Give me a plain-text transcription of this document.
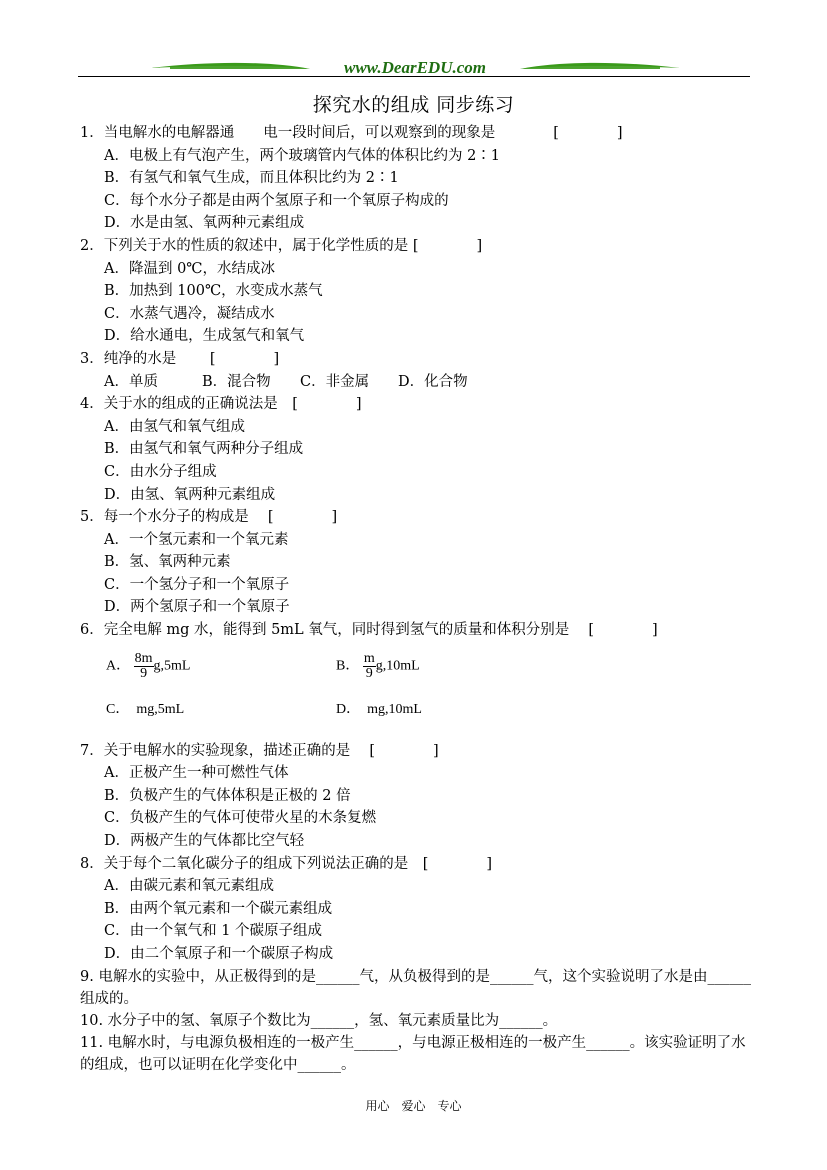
www.DearEDU.com
探究水的组成 同步练习
1．当电解水的电解器通　　电一段时间后，可以观察到的现象是　　　　[　　　　]
A．电极上有气泡产生，两个玻璃管内气体的体积比约为 2∶1
B．有氢气和氧气生成，而且体积比约为 2∶1
C．每个水分子都是由两个氢原子和一个氧原子构成的
D．水是由氢、氧两种元素组成
2．下列关于水的性质的叙述中，属于化学性质的是 [　　　　]
A．降温到 0℃，水结成冰
B．加热到 100℃，水变成水蒸气
C．水蒸气遇冷，凝结成水
D．给水通电，生成氢气和氧气
3．纯净的水是　　 [　　　　]
A．单质	B．混合物 C．非金属 D．化合物
4．关于水的组成的正确说法是　[　　　　]
A．由氢气和氧气组成
B．由氢气和氧气两种分子组成
C．由水分子组成
D．由氢、氧两种元素组成
5．每一个水分子的构成是　 [　　　　]
A．一个氢元素和一个氧元素
B．氢、氧两种元素
C．一个氢分子和一个氧原子
D．两个氢原子和一个氧原子
6．完全电解 mg 水，能得到 5mL 氧气，同时得到氢气的质量和体积分别是　 [　　　　]
A． $\frac{8m}{9} g,5mL$	B． $\frac{m}{9} g,10mL$
C．  mg,5mL	D．  mg,10mL
7．关于电解水的实验现象，描述正确的是　 [　　　　]
A．正极产生一种可燃性气体
B．负极产生的气体体积是正极的 2 倍
C．负极产生的气体可使带火星的木条复燃
D．两极产生的气体都比空气轻
8．关于每个二氧化碳分子的组成下列说法正确的是　[　　　　]
A．由碳元素和氧元素组成
B．由两个氧元素和一个碳元素组成
C．由一个氧气和 1 个碳原子组成
D．由二个氧原子和一个碳原子构成
9. 电解水的实验中，从正极得到的是______气，从负极得到的是______气，这个实验说明了水是由______组成的。
10. 水分子中的氢、氧原子个数比为______，氢、氧元素质量比为______。
11. 电解水时，与电源负极相连的一极产生______，与电源正极相连的一极产生______。该实验证明了水的组成，也可以证明在化学变化中______。
用心　爱心　专心
